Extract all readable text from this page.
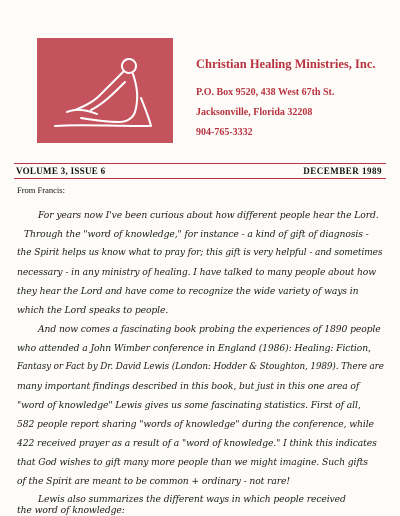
Christian Healing Ministries, Inc.
P.O. Box 9520, 438 West 67th St.
Jacksonville, Florida 32208
904-765-3332
VOLUME 3, ISSUE 6	DECEMBER 1989
From Francis:
For years now I've been curious about how different people hear the Lord.
Through the "word of knowledge," for instance - a kind of gift of diagnosis -
the Spirit helps us know what to pray for; this gift is very helpful - and sometimes
necessary - in any ministry of healing. I have talked to many people about how
they hear the Lord and have come to recognize the wide variety of ways in
which the Lord speaks to people.
And now comes a fascinating book probing the experiences of 1890 people
who attended a John Wimber conference in England (1986): Healing: Fiction,
Fantasy or Fact by Dr. David Lewis (London: Hodder & Stoughton, 1989). There are
many important findings described in this book, but just in this one area of
"word of knowledge" Lewis gives us some fascinating statistics. First of all,
582 people report sharing "words of knowledge" during the conference, while
422 received prayer as a result of a "word of knowledge." I think this indicates
that God wishes to gift many more people than we might imagine. Such gifts
of the Spirit are meant to be common + ordinary - not rare!
Lewis also summarizes the different ways in which people received
the word of knowledge:
